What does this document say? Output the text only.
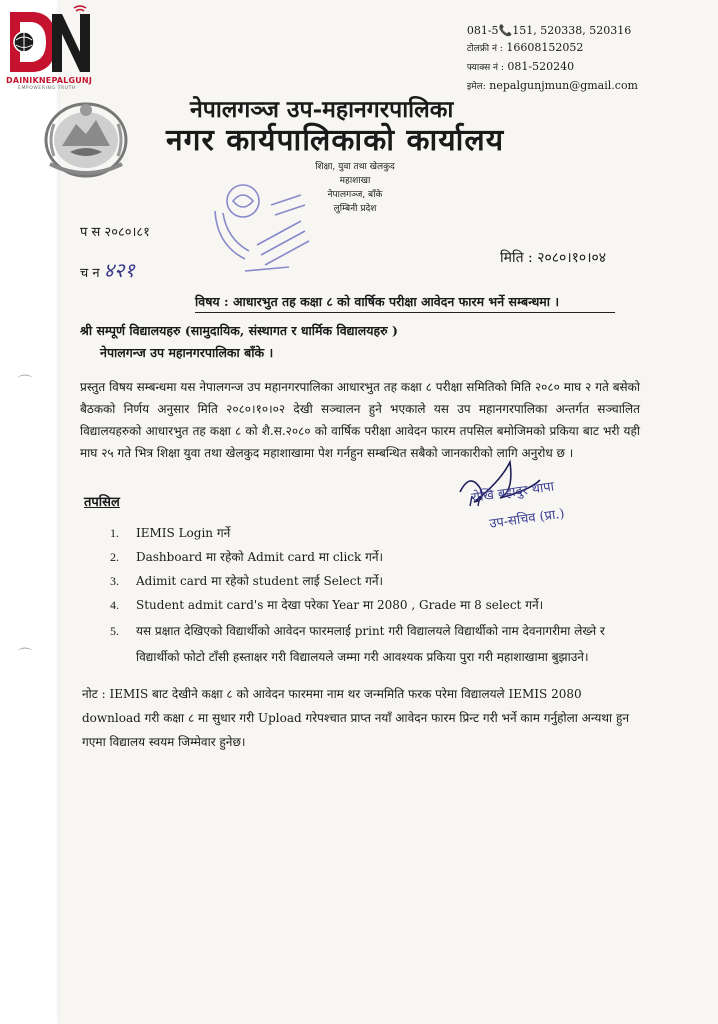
DAINIKNEPALGUNJ
EMPOWERING TRUTH
081-5📞151, 520338, 520316
टोलफ्री नं : 16608152052
फ्याक्स नं : 081-520240
इमेल: nepalgunjmun@gmail.com
नेपालगञ्ज उप-महानगरपालिका
नगर कार्यपालिकाको कार्यालय
शिक्षा, युवा तथा खेलकुद महाशाखा
नेपालगञ्ज, बाँके
लुम्बिनी प्रदेश
प स २०८०।८१
च न ४२१	मिति : २०८०।१०।०४
विषय : आधारभुत तह कक्षा ८ को वार्षिक परीक्षा आवेदन फारम भर्ने सम्बन्धमा ।
श्री सम्पूर्ण विद्यालयहरु (सामुदायिक, संस्थागत र धार्मिक विद्यालयहरु )
नेपालगन्ज उप महानगरपालिका बाँके ।
प्रस्तुत विषय सम्बन्धमा यस नेपालगन्ज उप महानगरपालिका आधारभुत तह कक्षा ८ परीक्षा समितिको मिति २०८० माघ २ गते बसेको बैठकको निर्णय अनुसार मिति २०८०।१०।०२ देखी सञ्चालन हुने भएकाले यस उप महानगरपालिका अन्तर्गत सञ्चालित विद्यालयहरुको आधारभुत तह कक्षा ८ को शै.स.२०८० को वार्षिक परीक्षा आवेदन फारम तपसिल बमोजिमको प्रकिया बाट भरी यही माघ २५ गते भित्र शिक्षा युवा तथा खेलकुद महाशाखामा पेश गर्नहुन सम्बन्धित सबैको जानकारीको लागि अनुरोध छ ।
तपसिल	रोखि बहादुर थापा
उप-सचिव (प्रा.)
1. IEMIS Login गर्ने
2. Dashboard मा रहेको Admit card मा click गर्ने।
3. Adimit card मा रहेको student लाई Select गर्ने।
4. Student admit card's मा देखा परेका Year मा 2080 , Grade मा 8 select गर्ने।
5. यस प्रक्षात देखिएको विद्यार्थीको आवेदन फारमलाई print गरी विद्यालयले विद्यार्थीको नाम देवनागरीमा लेख्ने र विद्यार्थीको फोटो टाँसी हस्ताक्षर गरी विद्यालयले जम्मा गरी आवश्यक प्रकिया पुरा गरी महाशाखामा बुझाउने।
नोट : IEMIS बाट देखीने कक्षा ८ को आवेदन फारममा नाम थर जन्ममिति फरक परेमा विद्यालयले IEMIS 2080 download गरी कक्षा ८ मा सुधार गरी Upload गरेपश्चात प्राप्त नयाँ आवेदन फारम प्रिन्ट गरी भर्ने काम गर्नुहोला अन्यथा हुन गएमा विद्यालय स्वयम जिम्मेवार हुनेछ।
⌒
⌒
